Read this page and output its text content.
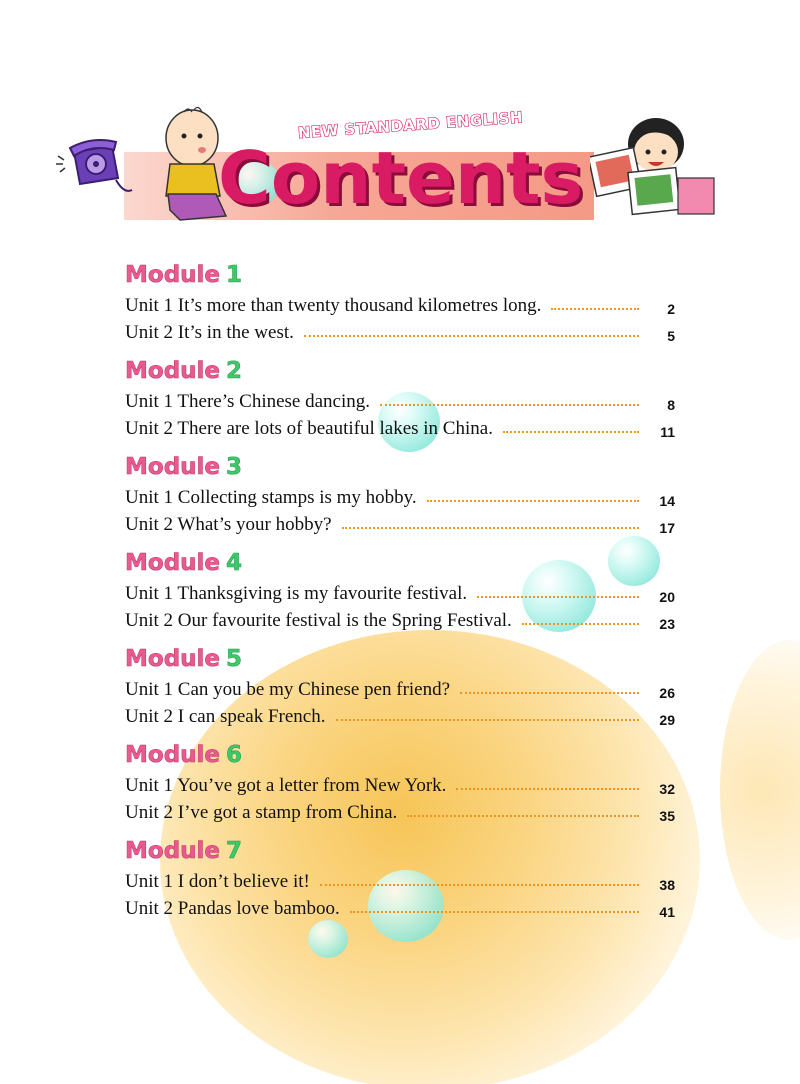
NEW STANDARD ENGLISH
Contents
Module 1
Unit 1 It’s more than twenty thousand kilometres long.	2
Unit 2 It’s in the west.	5
Module 2
Unit 1 There’s Chinese dancing.	8
Unit 2 There are lots of beautiful lakes in China.	11
Module 3
Unit 1 Collecting stamps is my hobby.	14
Unit 2 What’s your hobby?	17
Module 4
Unit 1 Thanksgiving is my favourite festival.	20
Unit 2 Our favourite festival is the Spring Festival.	23
Module 5
Unit 1 Can you be my Chinese pen friend?	26
Unit 2 I can speak French.	29
Module 6
Unit 1 You’ve got a letter from New York.	32
Unit 2 I’ve got a stamp from China.	35
Module 7
Unit 1 I don’t believe it!	38
Unit 2 Pandas love bamboo.	41
